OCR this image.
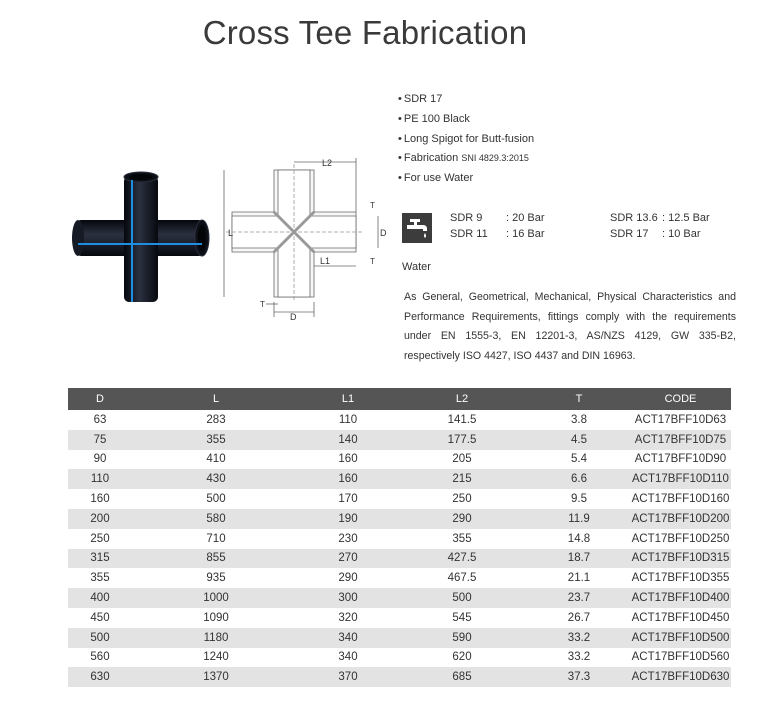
Cross Tee Fabrication
L2
L	D
T
L1	T
T
D
• SDR 17
• PE 100 Black
• Long Spigot for Butt-fusion
• Fabrication SNI 4829.3:2015
• For use Water
Water
SDR 9 : 20 Bar
SDR 11 : 16 Bar
SDR 13.6 : 12.5 Bar
SDR 17 : 10 Bar
As General, Geometrical, Mechanical, Physical Characteristics and Performance Requirements, fittings comply with the requirements under EN 1555-3, EN 12201-3, AS/NZS 4129, GW 335-B2, respectively ISO 4427, ISO 4437 and DIN 16963.
D	L	L1	L2	T	CODE
63	283	110	141.5	3.8	ACT17BFF10D63
75	355	140	177.5	4.5	ACT17BFF10D75
90	410	160	205	5.4	ACT17BFF10D90
110	430	160	215	6.6	ACT17BFF10D110
160	500	170	250	9.5	ACT17BFF10D160
200	580	190	290	11.9	ACT17BFF10D200
250	710	230	355	14.8	ACT17BFF10D250
315	855	270	427.5	18.7	ACT17BFF10D315
355	935	290	467.5	21.1	ACT17BFF10D355
400	1000	300	500	23.7	ACT17BFF10D400
450	1090	320	545	26.7	ACT17BFF10D450
500	1180	340	590	33.2	ACT17BFF10D500
560	1240	340	620	33.2	ACT17BFF10D560
630	1370	370	685	37.3	ACT17BFF10D630
